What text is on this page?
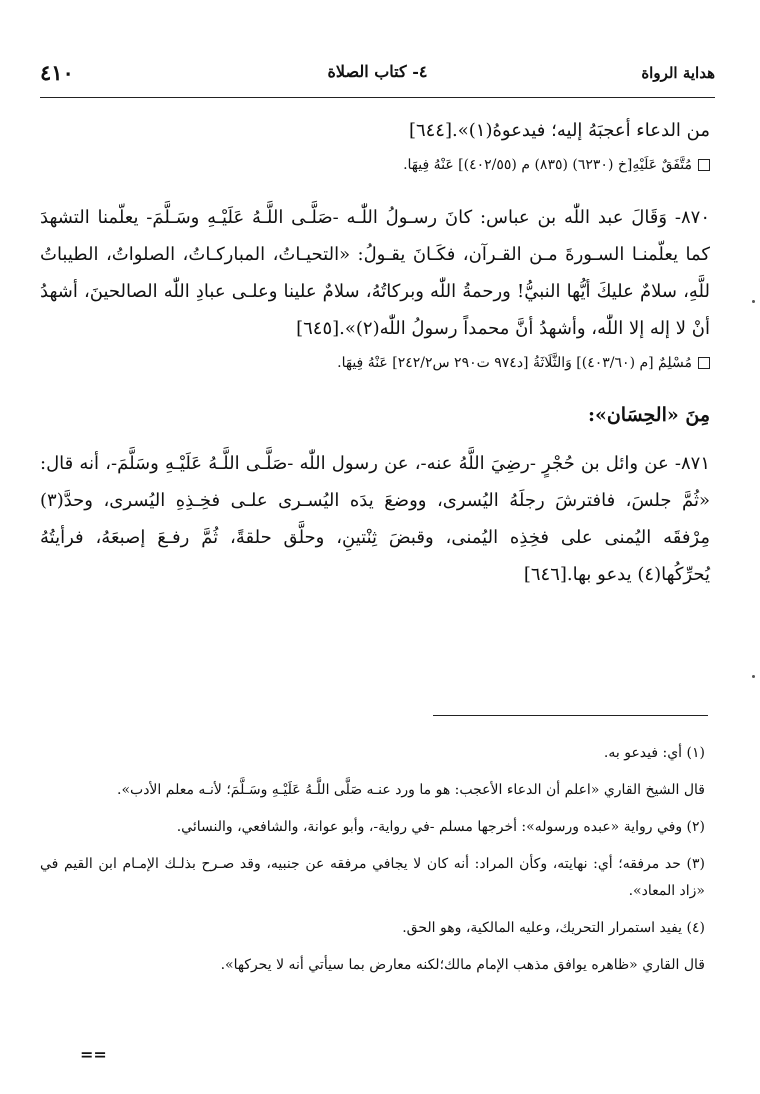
٤١٠	٤- كتاب الصلاة	هداية الرواة

من الدعاء أعجبَهُ إليه؛ فيدعوهُ(١)».[٦٤٤]

مُتَّفَقٌ عَلَيْهِ[خ (٦٢٣٠) (٨٣٥) م (٤٠٢/٥٥)] عَنْهُ فِيهَا.

٨٧٠- وَقَالَ عبد اللّٰه بن عباس: كانَ رسـولُ اللّٰـه -صَلَّـى اللَّـهُ عَلَيْـهِ وسَـلَّمَ- يعلّمنا التشهدَ كما يعلّمنـا السـورةَ مـن القـرآن، فكَـانَ يقـولُ: «التحيـاتُ، المباركـاتُ، الصلواتُ، الطيباتُ للَّهِ، سلامٌ عليكَ أيُّها النبيُّ! ورحمةُ اللّٰه وبركاتُهُ، سلامٌ علينا وعلـى عبادِ اللّٰه الصالحينَ، أشهدُ أنْ لا إله إلا اللّٰه، وأشهدُ أنَّ محمداً رسولُ اللّٰه(٢)».[٦٤٥]

مُسْلِمٌ [م (٤٠٣/٦٠)] وَالثَّلَاثَةُ [د٩٧٤ ت٢٩٠ س٢٤٢/٢] عَنْهُ فِيهَا.
مِنَ «الحِسَان»:

٨٧١- عن وائل بن حُجْرٍ -رضِيَ اللَّهُ عنه-، عن رسول اللّٰه -صَلَّـى اللَّـهُ عَلَيْـهِ وسَلَّمَ-، أنه قال: «ثُمَّ جلسَ، فافترشَ رجلَهُ اليُسرى، ووضعَ يدَه اليُسـرى علـى فخِـذِهِ اليُسرى، وحدَّ(٣) مِرْفقَه اليُمنى على فخِذِه اليُمنى، وقبضَ ثِنْتينِ، وحلَّق حلقةً، ثُمَّ رفـعَ إصبعَهُ، فرأيتُهُ يُحرِّكُها(٤) يدعو بها.[٦٤٦]

(١) أي: فيدعو به.

قال الشيخ القاري «اعلم أن الدعاء الأعجب: هو ما ورد عنـه صَلَّى اللَّـهُ عَلَيْـهِ وسَـلَّمَ؛ لأنـه معلم الأدب».

(٢) وفي رواية «عبده ورسوله»: أخرجها مسلم -في رواية-، وأبو عوانة، والشافعي، والنسائي.

(٣) حد مرفقه؛ أي: نهايته، وكأن المراد: أنه كان لا يجافي مرفقه عن جنبيه، وقد صـرح بذلـك الإمـام ابن القيم في «زاد المعاد».

(٤) يفيد استمرار التحريك، وعليه المالكية، وهو الحق.

قال القاري «ظاهره يوافق مذهب الإمام مالك؛لكنه معارض بما سيأتي أنه لا يحركها».

==
